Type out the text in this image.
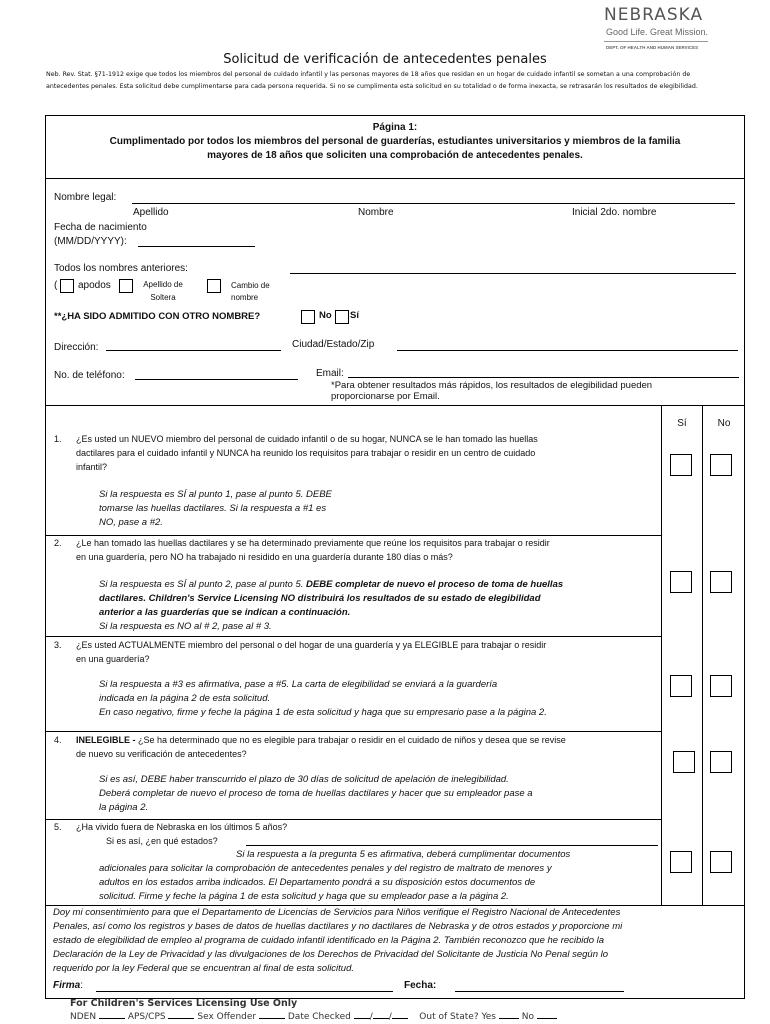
NEBRASKA
Good Life. Great Mission.
DEPT. OF HEALTH AND HUMAN SERVICES
Solicitud de verificación de antecedentes penales
Neb. Rev. Stat. §71-1912 exige que todos los miembros del personal de cuidado infantil y las personas mayores de 18 años que residan en un hogar de cuidado infantil se sometan a una comprobación de antecedentes penales. Esta solicitud debe cumplimentarse para cada persona requerida. Si no se cumplimenta esta solicitud en su totalidad o de forma inexacta, se retrasarán los resultados de elegibilidad.
Página 1:
Cumplimentado por todos los miembros del personal de guarderías, estudiantes universitarios y miembros de la familia
mayores de 18 años que soliciten una comprobación de antecedentes penales.
Nombre legal:
Apellido	Nombre	Inicial 2do. nombre
Fecha de nacimiento
(MM/DD/YYYY):
Todos los nombres anteriores:
( apodos	Apellido de
Soltera
Cambio de
nombre
**¿HA SIDO ADMITIDO CON OTRO NOMBRE?	No Sí
Dirección:	Ciudad/Estado/Zip
No. de teléfono:	Email:
*Para obtener resultados más rápidos, los resultados de elegibilidad pueden
proporcionarse por Email.
Sí	No
1. ¿Es usted un NUEVO miembro del personal de cuidado infantil o de su hogar, NUNCA se le han tomado las huellas
dactilares para el cuidado infantil y NUNCA ha reunido los requisitos para trabajar o residir en un centro de cuidado
infantil?
Si la respuesta es SÍ al punto 1, pase al punto 5. DEBE
tomarse las huellas dactilares. Si la respuesta a #1 es
NO, pase a #2.
2. ¿Le han tomado las huellas dactilares y se ha determinado previamente que reúne los requisitos para trabajar o residir
en una guardería, pero NO ha trabajado ni residido en una guardería durante 180 días o más?
Si la respuesta es SÍ al punto 2, pase al punto 5. DEBE completar de nuevo el proceso de toma de huellas
dactilares. Children's Service Licensing NO distribuirá los resultados de su estado de elegibilidad
anterior a las guarderías que se indican a continuación.
Si la respuesta es NO al # 2, pase al # 3.
3. ¿Es usted ACTUALMENTE miembro del personal o del hogar de una guardería y ya ELEGIBLE para trabajar o residir
en una guardería?
Si la respuesta a #3 es afirmativa, pase a #5. La carta de elegibilidad se enviará a la guardería
indicada en la página 2 de esta solicitud.
En caso negativo, firme y feche la página 1 de esta solicitud y haga que su empresario pase a la página 2.
4. INELEGIBLE - ¿Se ha determinado que no es elegible para trabajar o residir en el cuidado de niños y desea que se revise
de nuevo su verificación de antecedentes?
Si es así, DEBE haber transcurrido el plazo de 30 días de solicitud de apelación de inelegibilidad.
Deberá completar de nuevo el proceso de toma de huellas dactilares y hacer que su empleador pase a
la página 2.
5. ¿Ha vivido fuera de Nebraska en los últimos 5 años?
Si es así, ¿en qué estados?
Si la respuesta a la pregunta 5 es afirmativa, deberá cumplimentar documentos
adicionales para solicitar la comprobación de antecedentes penales y del registro de maltrato de menores y
adultos en los estados arriba indicados. El Departamento pondrá a su disposición estos documentos de
solicitud. Firme y feche la página 1 de esta solicitud y haga que su empleador pase a la página 2.
Doy mi consentimiento para que el Departamento de Licencias de Servicios para Niños verifique el Registro Nacional de Antecedentes
Penales, así como los registros y bases de datos de huellas dactilares y no dactilares de Nebraska y de otros estados y proporcione mi
estado de elegibilidad de empleo al programa de cuidado infantil identificado en la Página 2. También reconozco que he recibido la
Declaración de la Ley de Privacidad y las divulgaciones de los Derechos de Privacidad del Solicitante de Justicia No Penal según lo
requerido por la ley Federal que se encuentran al final de esta solicitud.
Firma:	Fecha:
For Children's Services Licensing Use Only
NDEN	APS/CPS	Sex Offender	Date Checked / /	Out of State? Yes	No
